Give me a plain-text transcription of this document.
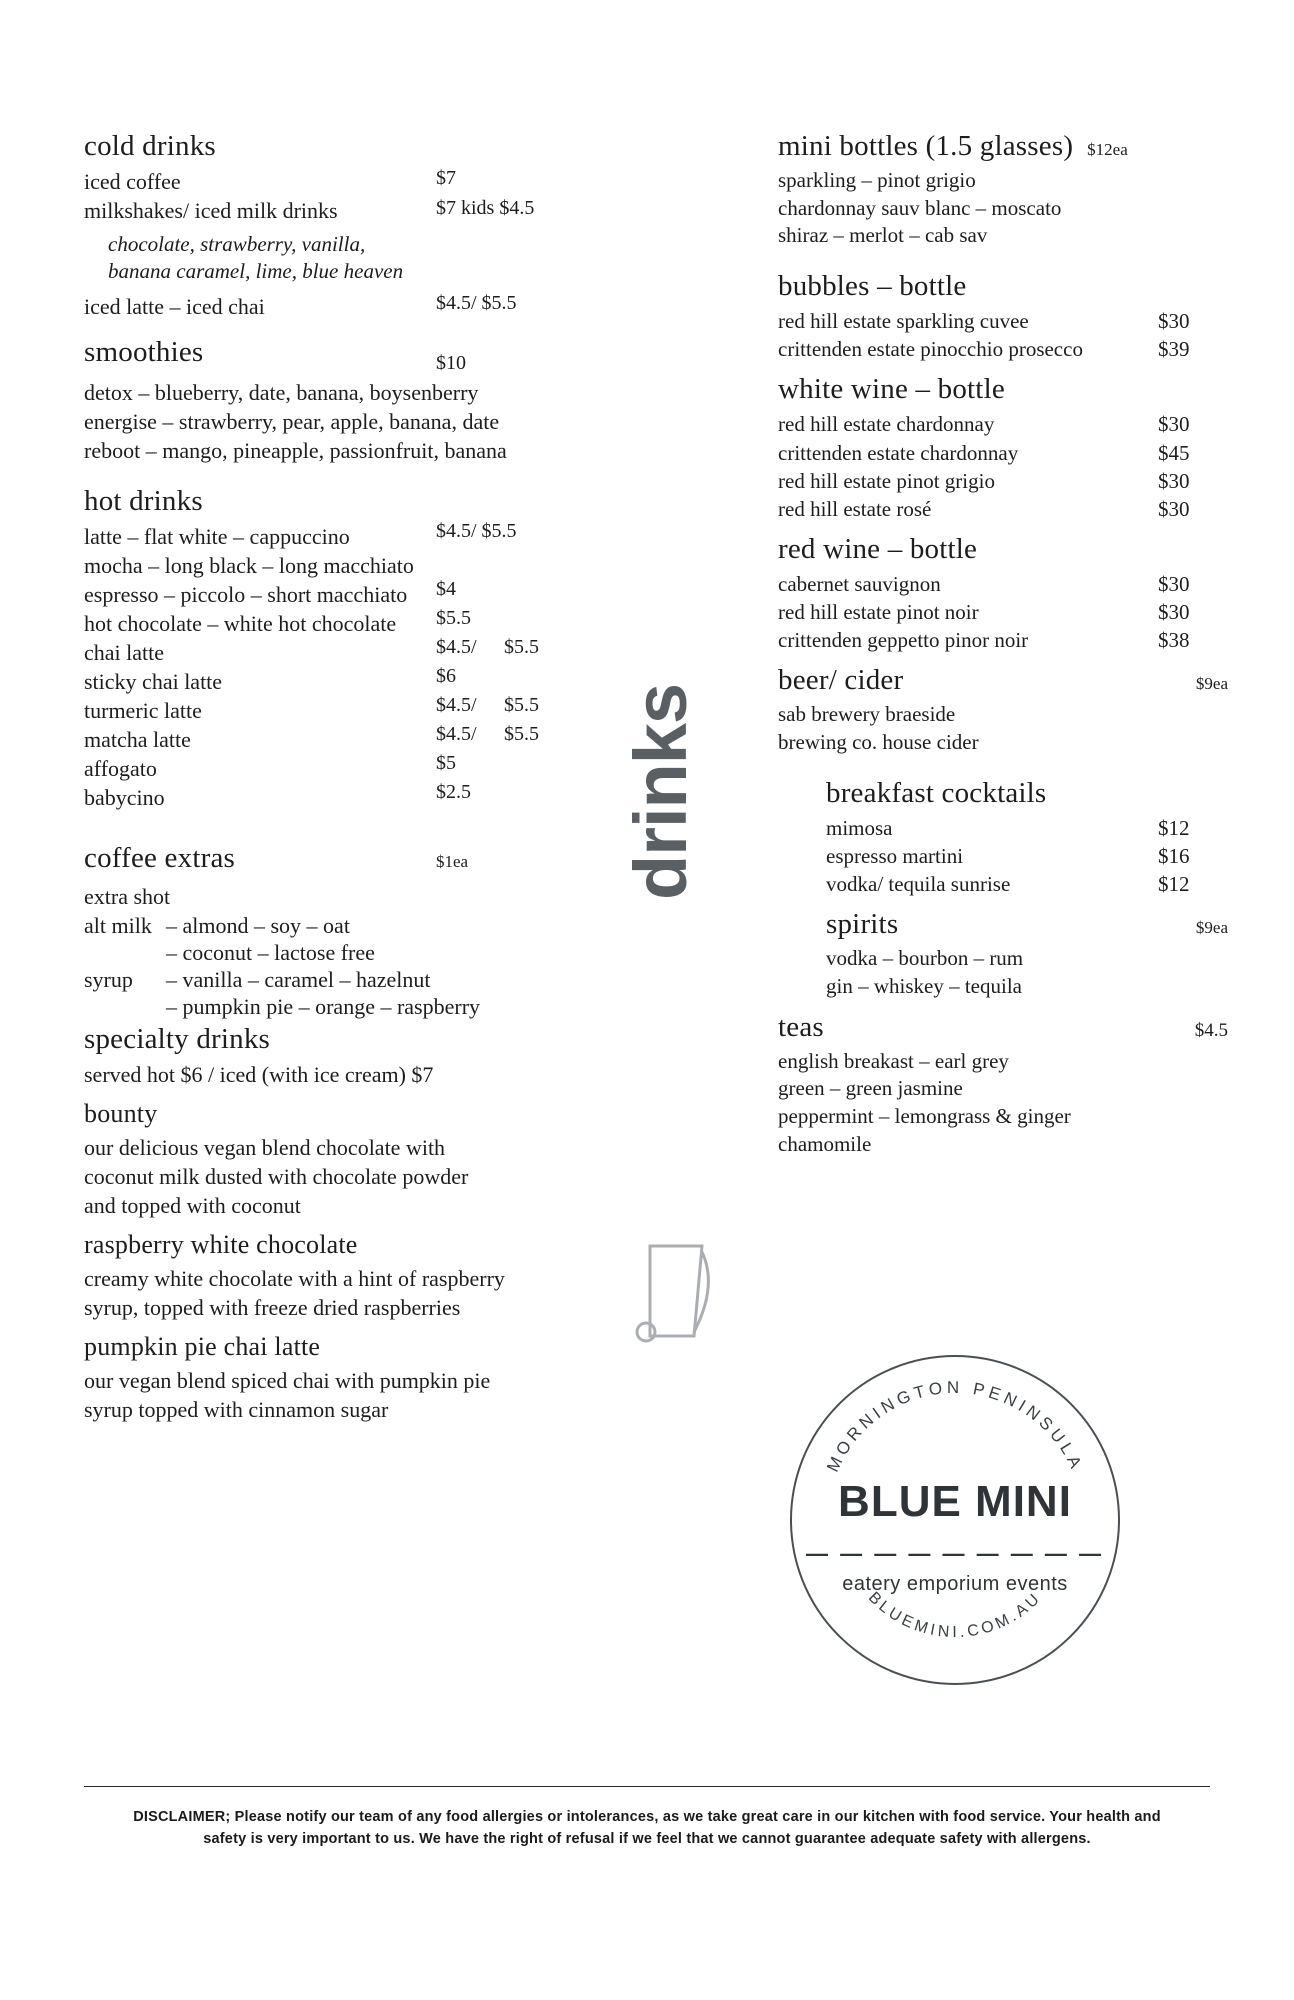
cold drinks
iced coffee	$7
milkshakes/ iced milk drinks	$7 kids $4.5
chocolate, strawberry, vanilla,
banana caramel, lime, blue heaven
iced latte – iced chai	$4.5/ $5.5
smoothies	$10
detox – blueberry, date, banana, boysenberry
energise – strawberry, pear, apple, banana, date
reboot – mango, pineapple, passionfruit, banana
hot drinks
latte – flat white – cappuccino	$4.5/ $5.5
mocha – long black – long macchiato
espresso – piccolo – short macchiato	$4
hot chocolate – white hot chocolate	$5.5
chai latte	$4.5/ $5.5
sticky chai latte	$6
turmeric latte	$4.5/ $5.5
matcha latte	$4.5/ $5.5
affogato	$5
babycino	$2.5
coffee extras	$1ea
extra shot
alt milk – almond – soy – oat
– coconut – lactose free
syrup – vanilla – caramel – hazelnut
– pumpkin pie – orange – raspberry
specialty drinks
served hot $6 / iced (with ice cream) $7
bounty
our delicious vegan blend chocolate with
coconut milk dusted with chocolate powder
and topped with coconut
raspberry white chocolate
creamy white chocolate with a hint of raspberry
syrup, topped with freeze dried raspberries
pumpkin pie chai latte
our vegan blend spiced chai with pumpkin pie
syrup topped with cinnamon sugar
mini bottles (1.5 glasses) $12ea
sparkling – pinot grigio
chardonnay sauv blanc – moscato
shiraz – merlot – cab sav
bubbles – bottle
red hill estate sparkling cuvee	$30
crittenden estate pinocchio prosecco	$39
white wine – bottle
red hill estate chardonnay	$30
crittenden estate chardonnay	$45
red hill estate pinot grigio	$30
red hill estate rosé	$30
red wine – bottle
cabernet sauvignon	$30
red hill estate pinot noir	$30
crittenden geppetto pinor noir	$38
beer/ cider	$9ea
sab brewery braeside
brewing co. house cider
breakfast cocktails
mimosa	$12
espresso martini	$16
vodka/ tequila sunrise	$12
spirits	$9ea
vodka – bourbon – rum
gin – whiskey – tequila
teas	$4.5
english breakast – earl grey
green – green jasmine
peppermint – lemongrass & ginger
chamomile
drinks
MORNINGTON PENINSULA
BLUEMINI.COM.AU
BLUE MINI
— — — — — — — — —
eatery emporium events
DISCLAIMER; Please notify our team of any food allergies or intolerances, as we take great care in our kitchen with food service. Your health and safety is very important to us. We have the right of refusal if we feel that we cannot guarantee adequate safety with allergens.
